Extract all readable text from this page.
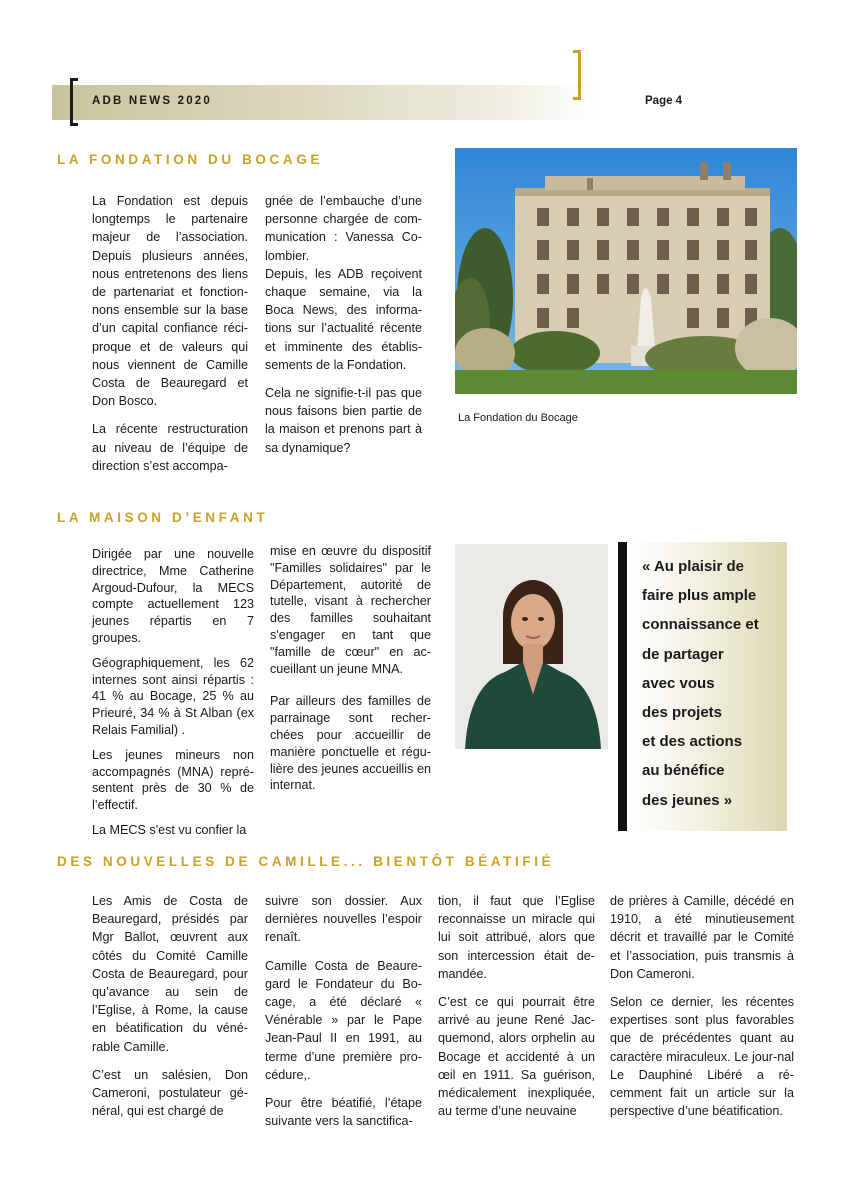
ADB NEWS 2020	Page 4
LA FONDATION DU BOCAGE

La Fondation est depuis longtemps le partenaire majeur de l’association. Depuis plusieurs années, nous entretenons des liens de partenariat et fonction-nons ensemble sur la base d’un capital confiance réci-proque et de valeurs qui nous viennent de Camille Costa de Beauregard et Don Bosco.

La récente restructuration au niveau de l’équipe de direction s’est accompa-

gnée de l’embauche d’une personne chargée de com-munication : Vanessa Co-lombier.

Depuis, les ADB reçoivent chaque semaine, via la Boca News, des informa-tions sur l’actualité récente et imminente des établis-sements de la Fondation.

Cela ne signifie-t-il pas que nous faisons bien partie de la maison et prenons part à sa dynamique?

La Fondation du Bocage
LA MAISON D’ENFANT

Dirigée par une nouvelle directrice, Mme Catherine Argoud-Dufour, la MECS compte actuellement 123 jeunes répartis en 7 groupes.

Géographiquement, les 62 internes sont ainsi répartis : 41 % au Bocage, 25 % au Prieuré, 34 % à St Alban (ex Relais Familial) .

Les jeunes mineurs non accompagnés (MNA) repré-sentent près de 30 % de l’effectif.

La MECS s'est vu confier la

mise en œuvre du dispositif "Familles solidaires" par le Département, autorité de tutelle, visant à rechercher des familles souhaitant s'engager en tant que "famille de cœur" en ac-cueillant un jeune MNA.

Par ailleurs des familles de parrainage sont recher-chées pour accueillir de manière ponctuelle et régu-lière des jeunes accueillis en internat.

« Au plaisir de
faire plus ample
connaissance et
de partager
avec vous
des projets
et des actions
au bénéfice
des jeunes »
DES NOUVELLES DE CAMILLE... BIENTÔT BÉATIFIÉ

Les Amis de Costa de Beauregard, présidés par Mgr Ballot, œuvrent aux côtés du Comité Camille Costa de Beauregard, pour qu’avance au sein de l’Eglise, à Rome, la cause en béatification du véné-rable Camille.

C’est un salésien, Don Cameroni, postulateur gé-néral, qui est chargé de

suivre son dossier. Aux dernières nouvelles l’espoir renaît.

Camille Costa de Beaure-gard le Fondateur du Bo-cage, a été déclaré « Vénérable » par le Pape Jean-Paul II en 1991, au terme d’une première pro-cédure,.

Pour être béatifié, l’étape suivante vers la sanctifica-

tion, il faut que l’Eglise reconnaisse un miracle qui lui soit attribué, alors que son intercession était de-mandée.

C’est ce qui pourrait être arrivé au jeune René Jac-quemond, alors orphelin au Bocage et accidenté à un œil en 1911. Sa guérison, médicalement inexpliquée, au terme d’une neuvaine

de prières à Camille, décédé en 1910, a été minutieusement décrit et travaillé par le Comité et l’association, puis transmis à Don Cameroni.

Selon ce dernier, les récentes expertises sont plus favorables que de précédentes quant au caractère miraculeux. Le jour-nal Le Dauphiné Libéré a ré-cemment fait un article sur la perspective d’une béatification.
